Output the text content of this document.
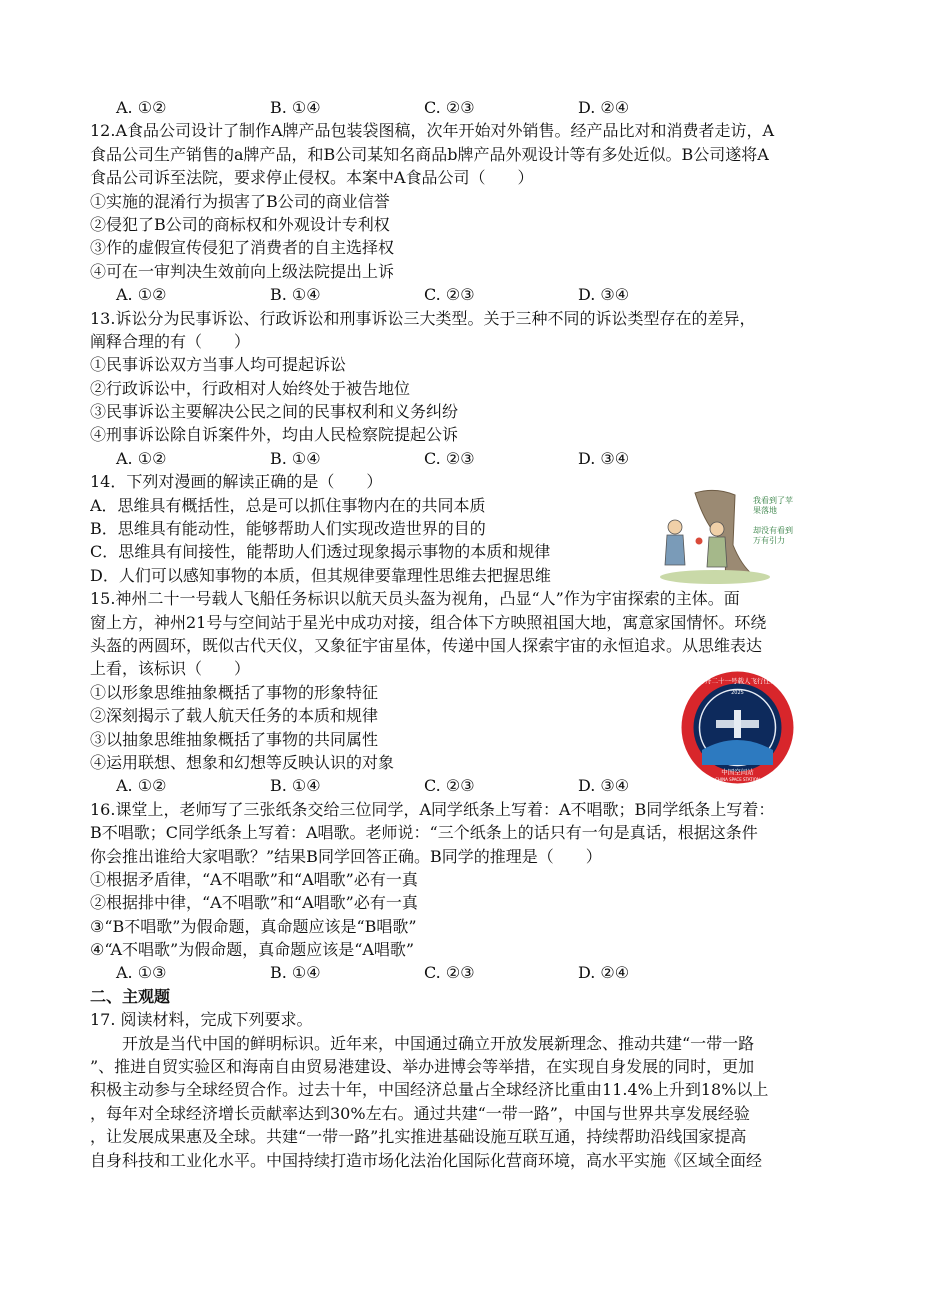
A. ①②	B. ①④	C. ②③	D. ②④
12.A食品公司设计了制作A牌产品包装袋图稿，次年开始对外销售。经产品比对和消费者走访，A
食品公司生产销售的a牌产品，和B公司某知名商品b牌产品外观设计等有多处近似。B公司遂将A
食品公司诉至法院，要求停止侵权。本案中A食品公司（　　）
①实施的混淆行为损害了B公司的商业信誉
②侵犯了B公司的商标权和外观设计专利权
③作的虚假宣传侵犯了消费者的自主选择权
④可在一审判决生效前向上级法院提出上诉
A. ①②	B. ①④	C. ②③	D. ③④
13.诉讼分为民事诉讼、行政诉讼和刑事诉讼三大类型。关于三种不同的诉讼类型存在的差异，
阐释合理的有（　　）
①民事诉讼双方当事人均可提起诉讼
②行政诉讼中，行政相对人始终处于被告地位
③民事诉讼主要解决公民之间的民事权利和义务纠纷
④刑事诉讼除自诉案件外，均由人民检察院提起公诉
A. ①②	B. ①④	C. ②③	D. ③④
14．下列对漫画的解读正确的是（　　）
A．思维具有概括性，总是可以抓住事物内在的共同本质
B．思维具有能动性，能够帮助人们实现改造世界的目的
C．思维具有间接性，能帮助人们透过现象揭示事物的本质和规律
D．人们可以感知事物的本质，但其规律要靠理性思维去把握思维
15.神州二十一号载人飞船任务标识以航天员头盔为视角，凸显“人”作为宇宙探索的主体。面
窗上方，神州21号与空间站于星光中成功对接，组合体下方映照祖国大地，寓意家国情怀。环绕
头盔的两圆环，既似古代天仪，又象征宇宙星体，传递中国人探索宇宙的永恒追求。从思维表达
上看，该标识（　　）
①以形象思维抽象概括了事物的形象特征
②深刻揭示了载人航天任务的本质和规律
③以抽象思维抽象概括了事物的共同属性
④运用联想、想象和幻想等反映认识的对象
A. ①②	B. ①④	C. ②③	D. ③④
16.课堂上，老师写了三张纸条交给三位同学，A同学纸条上写着：A不唱歌；B同学纸条上写着：
B不唱歌；C同学纸条上写着：A唱歌。老师说：“三个纸条上的话只有一句是真话，根据这条件
你会推出谁给大家唱歌？”结果B同学回答正确。B同学的推理是（　　）
①根据矛盾律，“A不唱歌”和“A唱歌”必有一真
②根据排中律，“A不唱歌”和“A唱歌”必有一真
③“B不唱歌”为假命题，真命题应该是“B唱歌”
④“A不唱歌”为假命题，真命题应该是“A唱歌”
A. ①③	B. ①④	C. ②③	D. ②④
二、主观题
17. 阅读材料，完成下列要求。
开放是当代中国的鲜明标识。近年来，中国通过确立开放发展新理念、推动共建“一带一路
”、推进自贸实验区和海南自由贸易港建设、举办进博会等举措，在实现自身发展的同时，更加
积极主动参与全球经贸合作。过去十年，中国经济总量占全球经济比重由11.4%上升到18%以上
，每年对全球经济增长贡献率达到30%左右。通过共建“一带一路”，中国与世界共享发展经验
，让发展成果惠及全球。共建“一带一路”扎实推进基础设施互联互通，持续帮助沿线国家提高
自身科技和工业化水平。中国持续打造市场化法治化国际化营商环境，高水平实施《区域全面经
我看到了苹
果落地
却没有看到
万有引力
神舟二十一号载人飞行任务
2025
中国空间站
CHINA SPACE STATION
